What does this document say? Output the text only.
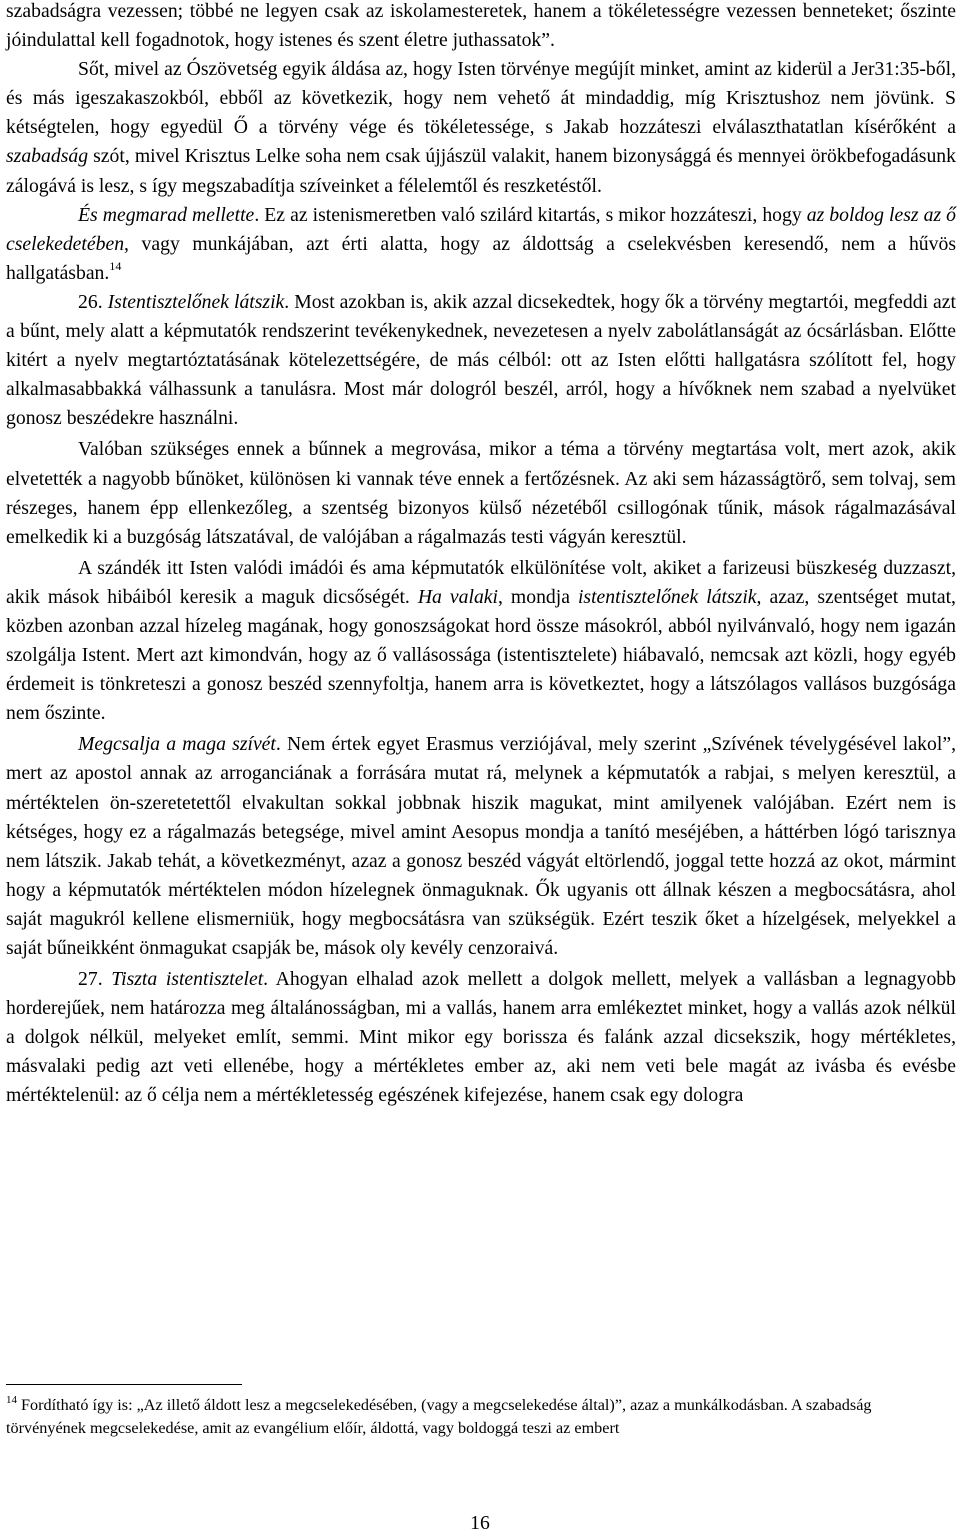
szabadságra vezessen; többé ne legyen csak az iskolamesteretek, hanem a tökéletességre vezessen benneteket; őszinte jóindulattal kell fogadnotok, hogy istenes és szent életre juthassatok”.

Sőt, mivel az Ószövetség egyik áldása az, hogy Isten törvénye megújít minket, amint az kiderül a Jer31:35-ből, és más igeszakaszokból, ebből az következik, hogy nem vehető át mindaddig, míg Krisztushoz nem jövünk. S kétségtelen, hogy egyedül Ő a törvény vége és tökéletessége, s Jakab hozzáteszi elválaszthatatlan kísérőként a szabadság szót, mivel Krisztus Lelke soha nem csak újjászül valakit, hanem bizonysággá és mennyei örökbefogadásunk zálogává is lesz, s így megszabadítja szíveinket a félelemtől és reszketéstől.

És megmarad mellette. Ez az istenismeretben való szilárd kitartás, s mikor hozzáteszi, hogy az boldog lesz az ő cselekedetében, vagy munkájában, azt érti alatta, hogy az áldottság a cselekvésben keresendő, nem a hűvös hallgatásban.$^{14}$

26. Istentisztelőnek látszik. Most azokban is, akik azzal dicsekedtek, hogy ők a törvény megtartói, megfeddi azt a bűnt, mely alatt a képmutatók rendszerint tevékenykednek, nevezetesen a nyelv zabolátlanságát az ócsárlásban. Előtte kitért a nyelv megtartóztatásának kötelezettségére, de más célból: ott az Isten előtti hallgatásra szólított fel, hogy alkalmasabbakká válhassunk a tanulásra. Most már dologról beszél, arról, hogy a hívőknek nem szabad a nyelvüket gonosz beszédekre használni.

Valóban szükséges ennek a bűnnek a megrovása, mikor a téma a törvény megtartása volt, mert azok, akik elvetették a nagyobb bűnöket, különösen ki vannak téve ennek a fertőzésnek. Az aki sem házasságtörő, sem tolvaj, sem részeges, hanem épp ellenkezőleg, a szentség bizonyos külső nézetéből csillogónak tűnik, mások rágalmazásával emelkedik ki a buzgóság látszatával, de valójában a rágalmazás testi vágyán keresztül.

A szándék itt Isten valódi imádói és ama képmutatók elkülönítése volt, akiket a farizeusi büszkeség duzzaszt, akik mások hibáiból keresik a maguk dicsőségét. Ha valaki, mondja istentisztelőnek látszik, azaz, szentséget mutat, közben azonban azzal hízeleg magának, hogy gonoszságokat hord össze másokról, abból nyilvánvaló, hogy nem igazán szolgálja Istent. Mert azt kimondván, hogy az ő vallásossága (istentisztelete) hiábavaló, nemcsak azt közli, hogy egyéb érdemeit is tönkreteszi a gonosz beszéd szennyfoltja, hanem arra is következtet, hogy a látszólagos vallásos buzgósága nem őszinte.

Megcsalja a maga szívét. Nem értek egyet Erasmus verziójával, mely szerint „Szívének tévelygésével lakol”, mert az apostol annak az arroganciának a forrására mutat rá, melynek a képmutatók a rabjai, s melyen keresztül, a mértéktelen ön-szeretetettől elvakultan sokkal jobbnak hiszik magukat, mint amilyenek valójában. Ezért nem is kétséges, hogy ez a rágalmazás betegsége, mivel amint Aesopus mondja a tanító meséjében, a háttérben lógó tarisznya nem látszik. Jakab tehát, a következményt, azaz a gonosz beszéd vágyát eltörlendő, joggal tette hozzá az okot, mármint hogy a képmutatók mértéktelen módon hízelegnek önmaguknak. Ők ugyanis ott állnak készen a megbocsátásra, ahol saját magukról kellene elismerniük, hogy megbocsátásra van szükségük. Ezért teszik őket a hízelgések, melyekkel a saját bűneikként önmagukat csapják be, mások oly kevély cenzoraivá.

27. Tiszta istentisztelet. Ahogyan elhalad azok mellett a dolgok mellett, melyek a vallásban a legnagyobb horderejűek, nem határozza meg általánosságban, mi a vallás, hanem arra emlékeztet minket, hogy a vallás azok nélkül a dolgok nélkül, melyeket említ, semmi. Mint mikor egy borissza és falánk azzal dicsekszik, hogy mértékletes, másvalaki pedig azt veti ellenébe, hogy a mértékletes ember az, aki nem veti bele magát az ivásba és evésbe mértéktelenül: az ő célja nem a mértékletesség egészének kifejezése, hanem csak egy dologra

$^{14}$ Fordítható így is: „Az illető áldott lesz a megcselekedésében, (vagy a megcselekedése által)”, azaz a munkálkodásban. A szabadság törvényének megcselekedése, amit az evangélium előír, áldottá, vagy boldoggá teszi az embert

16
